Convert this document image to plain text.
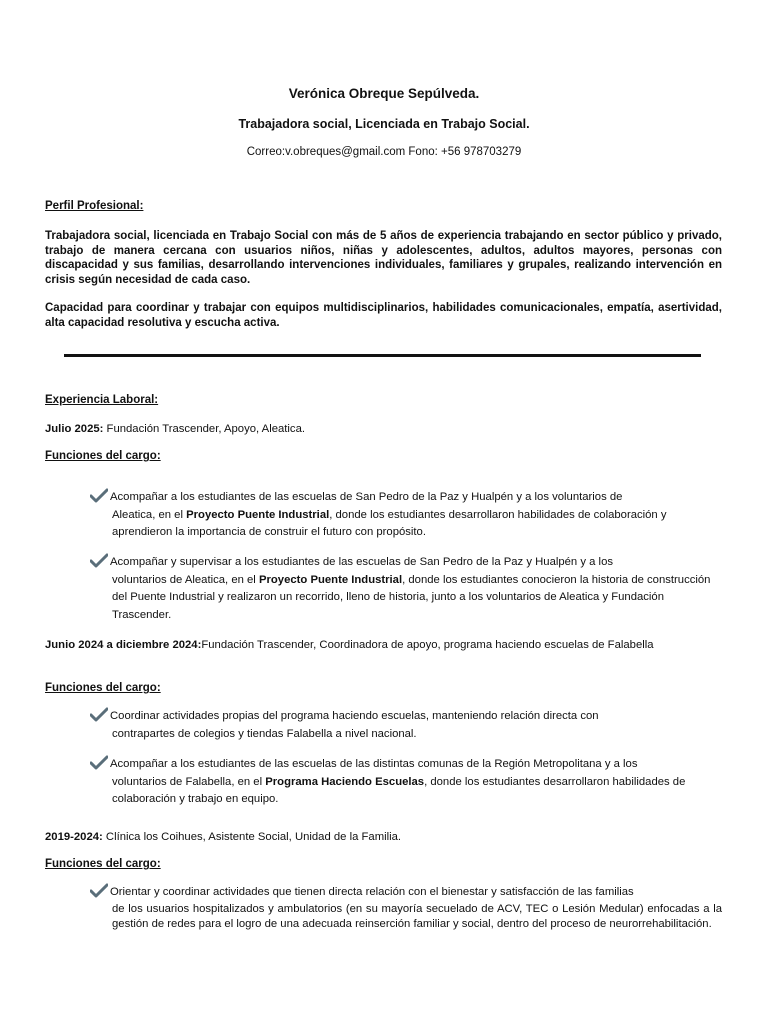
Verónica Obreque Sepúlveda.
Trabajadora social, Licenciada en Trabajo Social.
Correo:v.obreques@gmail.com Fono: +56 978703279
Perfil Profesional:
Trabajadora social, licenciada en Trabajo Social con más de 5 años de experiencia trabajando en sector público y privado, trabajo de manera cercana con usuarios niños, niñas y adolescentes, adultos, adultos mayores, personas con discapacidad y sus familias, desarrollando intervenciones individuales, familiares y grupales, realizando intervención en crisis según necesidad de cada caso.
Capacidad para coordinar y trabajar con equipos multidisciplinarios, habilidades comunicacionales, empatía, asertividad, alta capacidad resolutiva y escucha activa.
Experiencia Laboral:
Julio 2025: Fundación Trascender, Apoyo, Aleatica.
Funciones del cargo:
Acompañar a los estudiantes de las escuelas de San Pedro de la Paz y Hualpén y a los voluntarios de
Aleatica, en el Proyecto Puente Industrial, donde los estudiantes desarrollaron habilidades de colaboración y aprendieron la importancia de construir el futuro con propósito.
Acompañar y supervisar a los estudiantes de las escuelas de San Pedro de la Paz y Hualpén y a los
voluntarios de Aleatica, en el Proyecto Puente Industrial, donde los estudiantes conocieron la historia de construcción del Puente Industrial y realizaron un recorrido, lleno de historia, junto a los voluntarios de Aleatica y Fundación Trascender.
Junio 2024 a diciembre 2024:Fundación Trascender, Coordinadora de apoyo, programa haciendo escuelas de Falabella
Funciones del cargo:
Coordinar actividades propias del programa haciendo escuelas, manteniendo relación directa con
contrapartes de colegios y tiendas Falabella a nivel nacional.
Acompañar a los estudiantes de las escuelas de las distintas comunas de la Región Metropolitana y a los
voluntarios de Falabella, en el Programa Haciendo Escuelas, donde los estudiantes desarrollaron habilidades de colaboración y trabajo en equipo.
2019-2024: Clínica los Coihues, Asistente Social, Unidad de la Familia.
Funciones del cargo:
Orientar y coordinar actividades que tienen directa relación con el bienestar y satisfacción de las familias
de los usuarios hospitalizados y ambulatorios (en su mayoría secuelado de ACV, TEC o Lesión Medular) enfocadas a la gestión de redes para el logro de una adecuada reinserción familiar y social, dentro del proceso de neurorrehabilitación.
